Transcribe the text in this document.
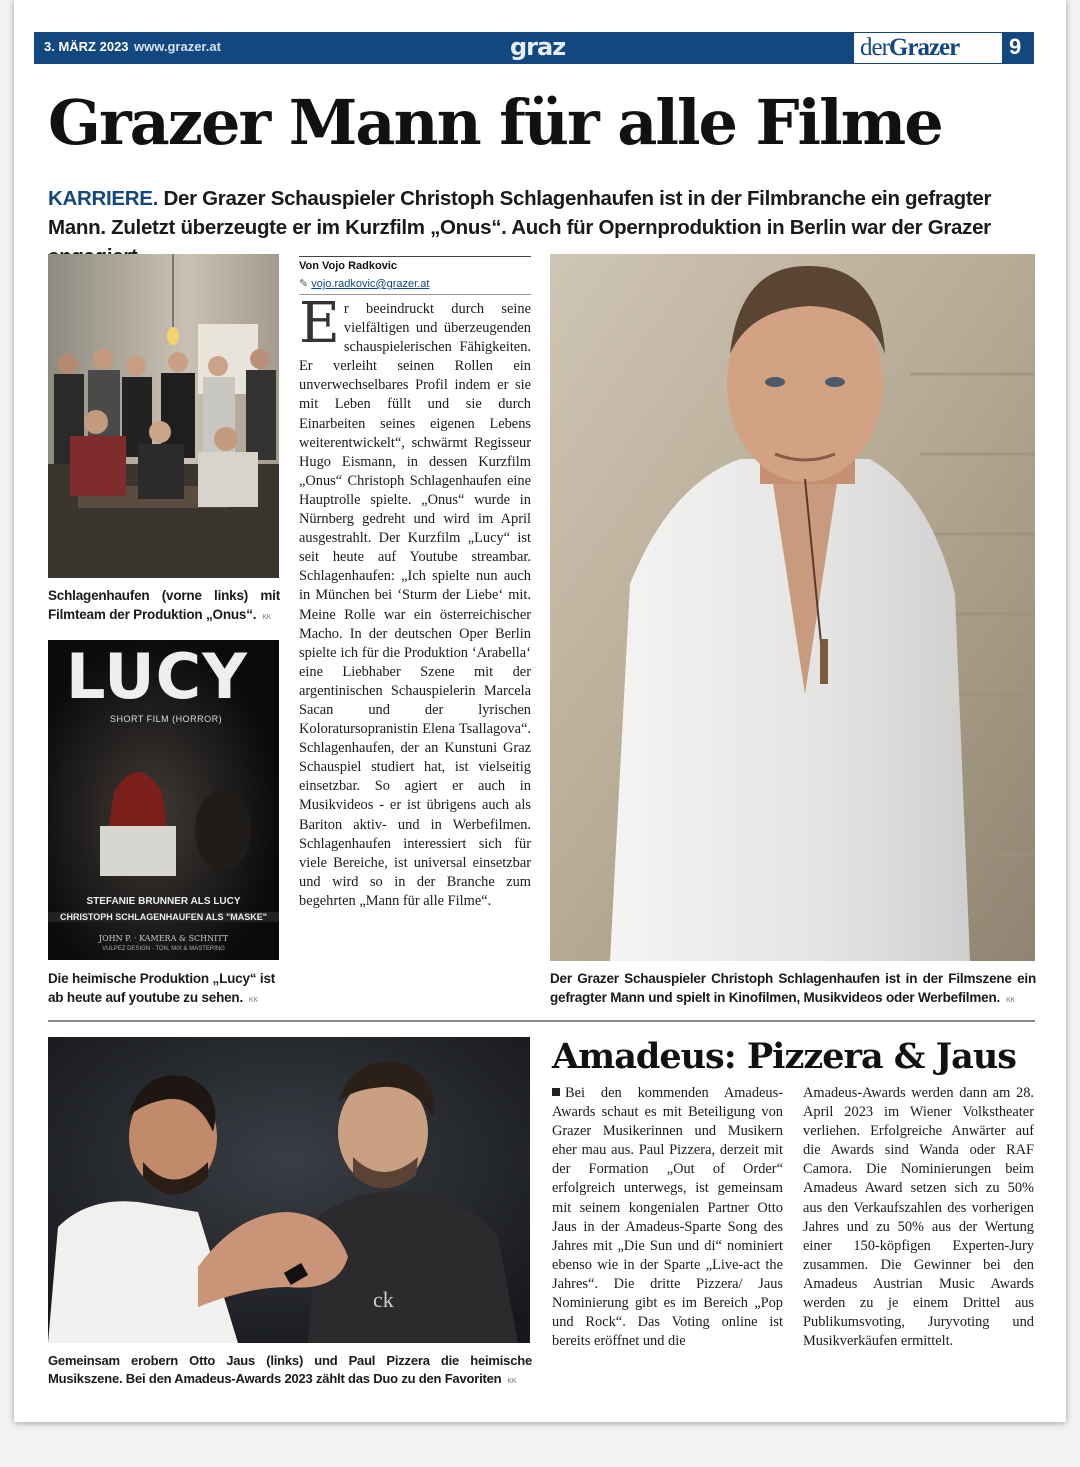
3. MÄRZ 2023 www.grazer.at	graz	derGrazer	9
Grazer Mann für alle Filme
KARRIERE. Der Grazer Schauspieler Christoph Schlagenhaufen ist in der Filmbranche ein gefragter Mann. Zuletzt überzeugte er im Kurzfilm „Onus“. Auch für Opernproduktion in Berlin war der Grazer
Schlagenhaufen (vorne links) mit Filmteam der Produktion „Onus“. KK
LUCY
SHORT FILM (HORROR)
STEFANIE BRUNNER ALS LUCY
CHRISTOPH SCHLAGENHAUFEN ALS "MASKE"
JOHN P. · KAMERA & SCHNITT
VULPEZ DESIGN · TON, MIX & MASTERING
Die heimische Produktion „Lucy“ ist ab heute auf youtube zu sehen. KK
Von Vojo Radkovic
✎ vojo.radkovic@grazer.at

Er beeindruckt durch seine vielfältigen und überzeugenden schauspielerischen Fähigkeiten. Er verleiht seinen Rollen ein unverwechselbares Profil indem er sie mit Leben füllt und sie durch Einarbeiten seines eigenen Lebens weiterentwickelt“, schwärmt Regisseur Hugo Eismann, in dessen Kurzfilm „Onus“ Christoph Schlagenhaufen eine Hauptrolle spielte. „Onus“ wurde in Nürnberg gedreht und wird im April ausgestrahlt. Der Kurzfilm „Lucy“ ist seit heute auf Youtube streambar. Schlagenhaufen: „Ich spielte nun auch in München bei ‘Sturm der Liebe‘ mit. Meine Rolle war ein österreichischer Macho. In der deutschen Oper Berlin spielte ich für die Produktion ‘Arabella‘ eine Liebhaber Szene mit der argentinischen Schauspielerin Marcela Sacan und der lyrischen Koloratursopranistin Elena Tsallagova“. Schlagenhaufen, der an Kunstuni Graz Schauspiel studiert hat, ist vielseitig einsetzbar. So agiert er auch in Musikvideos - er ist übrigens auch als Bariton aktiv- und in Werbefilmen. Schlagenhaufen interessiert sich für viele Bereiche, ist universal einsetzbar und wird so in der Branche zum begehrten „Mann für alle Filme“.

Der Grazer Schauspieler Christoph Schlagenhaufen ist in der Filmszene ein gefragter Mann und spielt in Kinofilmen, Musikvideos oder Werbefilmen. KK
ck
Gemeinsam erobern Otto Jaus (links) und Paul Pizzera die heimische Musikszene. Bei den Amadeus-Awards 2023 zählt das Duo zu den Favoriten KK
Amadeus: Pizzera & Jaus

Bei den kommenden Amadeus-Awards schaut es mit Beteiligung von Grazer Musikerinnen und Musikern eher mau aus. Paul Pizzera, derzeit mit der Formation „Out of Order“ erfolgreich unterwegs, ist gemeinsam mit seinem kongenialen Partner Otto Jaus in der Amadeus-Sparte Song des Jahres mit „Die Sun und di“ nominiert ebenso wie in der Sparte „Live-act the Jahres“. Die dritte Pizzera/ Jaus Nominierung gibt es im Bereich „Pop und Rock“. Das Voting online ist bereits eröffnet und die

Amadeus-Awards werden dann am 28. April 2023 im Wiener Volkstheater verliehen. Erfolgreiche Anwärter auf die Awards sind Wanda oder RAF Camora. Die Nominierungen beim Amadeus Award setzen sich zu 50% aus den Verkaufszahlen des vorherigen Jahres und zu 50% aus der Wertung einer 150-köpfigen Experten-Jury zusammen. Die Gewinner bei den Amadeus Austrian Music Awards werden zu je einem Drittel aus Publikumsvoting, Juryvoting und Musikverkäufen ermittelt.
